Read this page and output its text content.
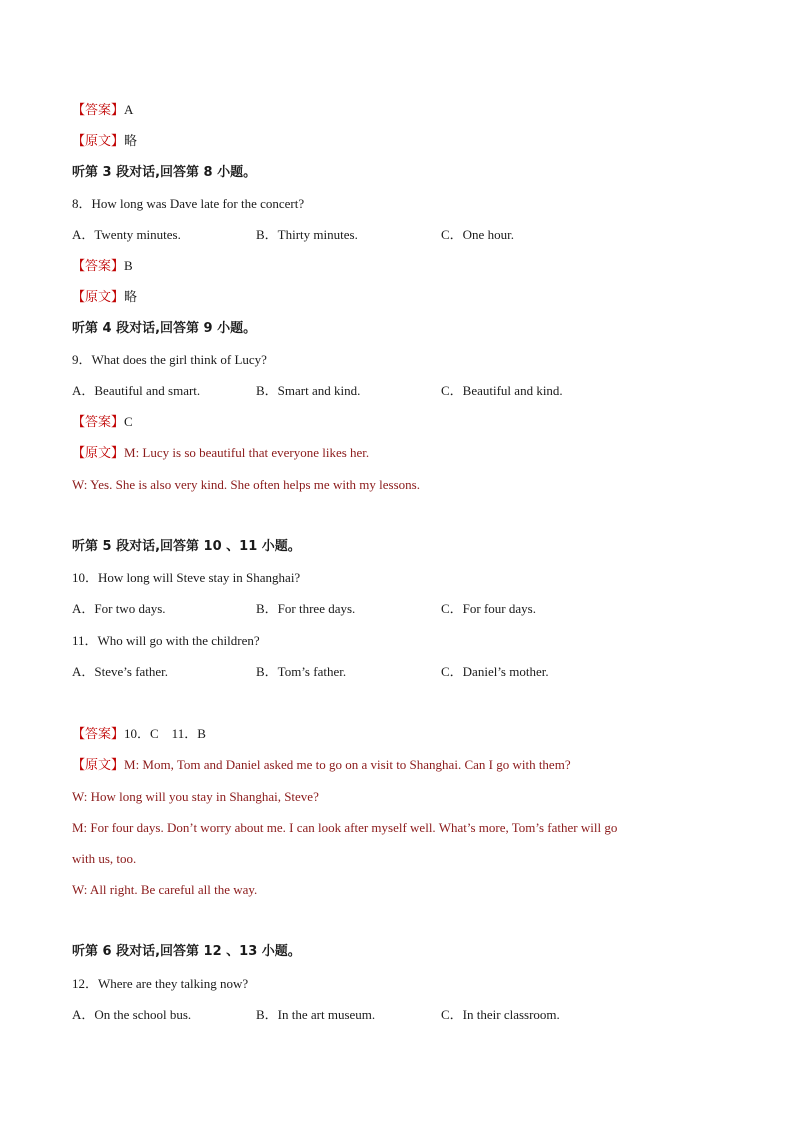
【答案】A

【原文】略

听第 3 段对话,回答第 8 小题。

8．How long was Dave late for the concert?

A．Twenty minutes.	B．Thirty minutes.	C．One hour.

【答案】B

【原文】略

听第 4 段对话,回答第 9 小题。

9．What does the girl think of Lucy?

A．Beautiful and smart.	B．Smart and kind.	C．Beautiful and kind.

【答案】C

【原文】M: Lucy is so beautiful that everyone likes her.

W: Yes. She is also very kind. She often helps me with my lessons.

听第 5 段对话,回答第 10 、11 小题。

10．How long will Steve stay in Shanghai?

A．For two days.	B．For three days.	C．For four days.

11．Who will go with the children?

A．Steve’s father.	B．Tom’s father.	C．Daniel’s mother.

【答案】10．C    11．B

【原文】M: Mom, Tom and Daniel asked me to go on a visit to Shanghai. Can I go with them?

W: How long will you stay in Shanghai, Steve?

M: For four days. Don’t worry about me. I can look after myself well. What’s more, Tom’s father will go

with us, too.

W: All right. Be careful all the way.

听第 6 段对话,回答第 12 、13 小题。

12．Where are they talking now?

A．On the school bus.	B．In the art museum.	C．In their classroom.
